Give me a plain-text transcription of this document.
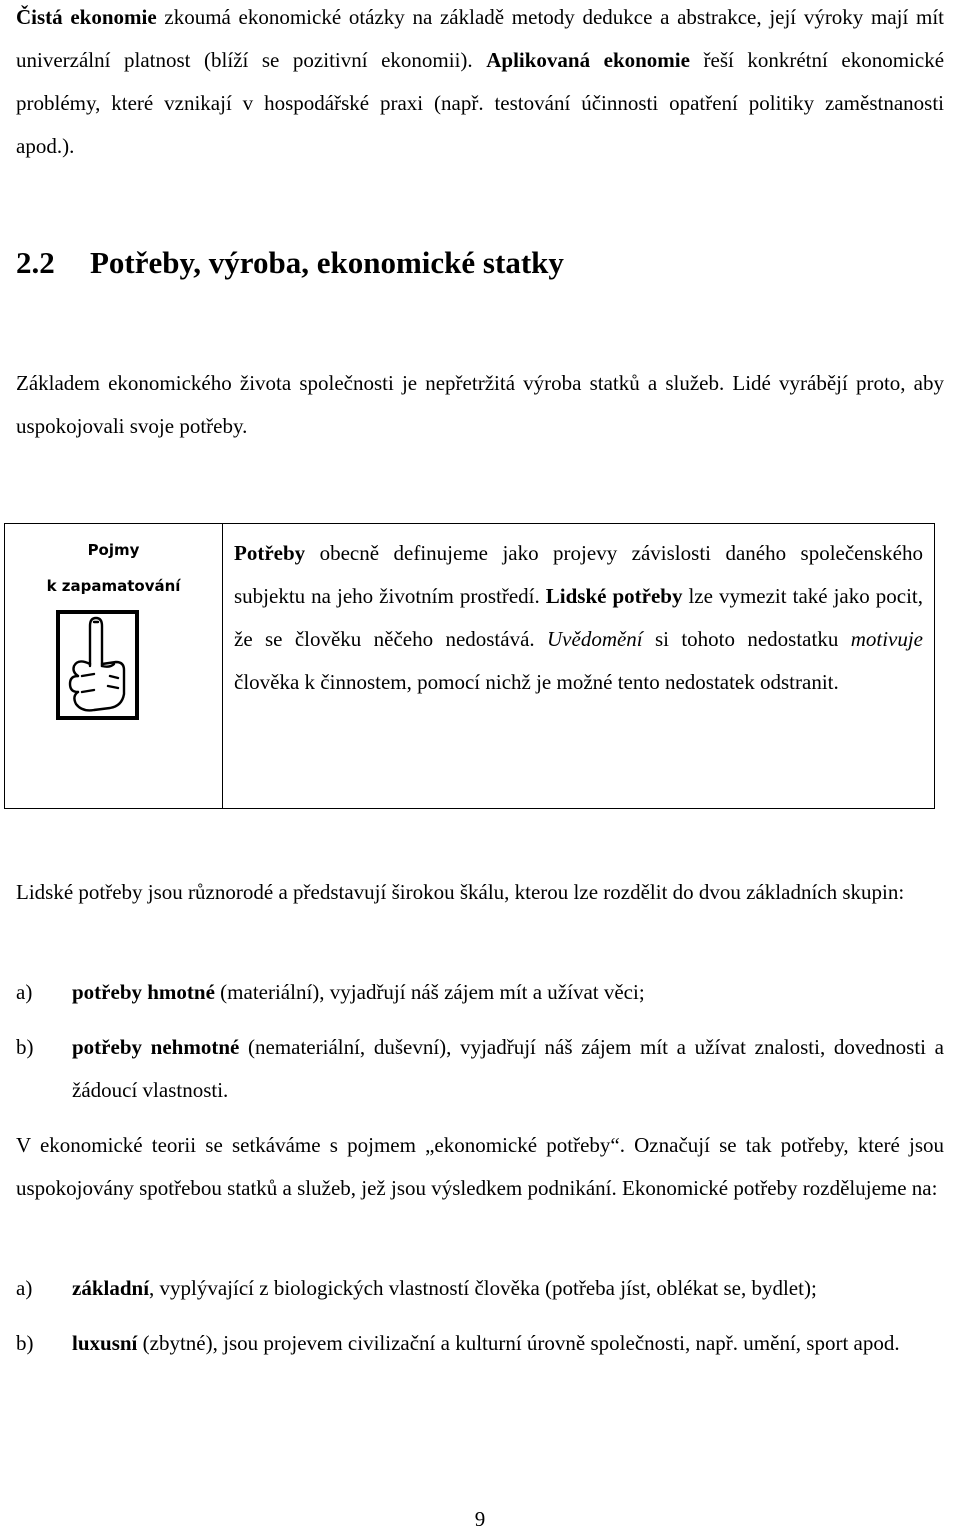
Čistá ekonomie zkoumá ekonomické otázky na základě metody dedukce a abstrakce, její výroky mají mít univerzální platnost (blíží se pozitivní ekonomii). Aplikovaná ekonomie řeší konkrétní ekonomické problémy, které vznikají v hospodářské praxi (např. testování účinnosti opatření politiky zaměstnanosti apod.).

2.2 Potřeby, výroba, ekonomické statky

Základem ekonomického života společnosti je nepřetržitá výroba statků a služeb. Lidé vyrábějí proto, aby uspokojovali svoje potřeby.

Pojmy
k zapamatování

Potřeby obecně definujeme jako projevy závislosti daného společenského subjektu na jeho životním prostředí. Lidské potřeby lze vymezit také jako pocit, že se člověku něčeho nedostává. Uvědomění si tohoto nedostatku motivuje člověka k činnostem, pomocí nichž je možné tento nedostatek odstranit.

Lidské potřeby jsou různorodé a představují širokou škálu, kterou lze rozdělit do dvou základních skupin:

a) potřeby hmotné (materiální), vyjadřují náš zájem mít a užívat věci;
b) potřeby nehmotné (nemateriální, duševní), vyjadřují náš zájem mít a užívat znalosti, dovednosti a žádoucí vlastnosti.

V ekonomické teorii se setkáváme s pojmem „ekonomické potřeby“. Označují se tak potřeby, které jsou uspokojovány spotřebou statků a služeb, jež jsou výsledkem podnikání. Ekonomické potřeby rozdělujeme na:

a) základní, vyplývající z biologických vlastností člověka (potřeba jíst, oblékat se, bydlet);
b) luxusní (zbytné), jsou projevem civilizační a kulturní úrovně společnosti, např. umění, sport apod.
9
